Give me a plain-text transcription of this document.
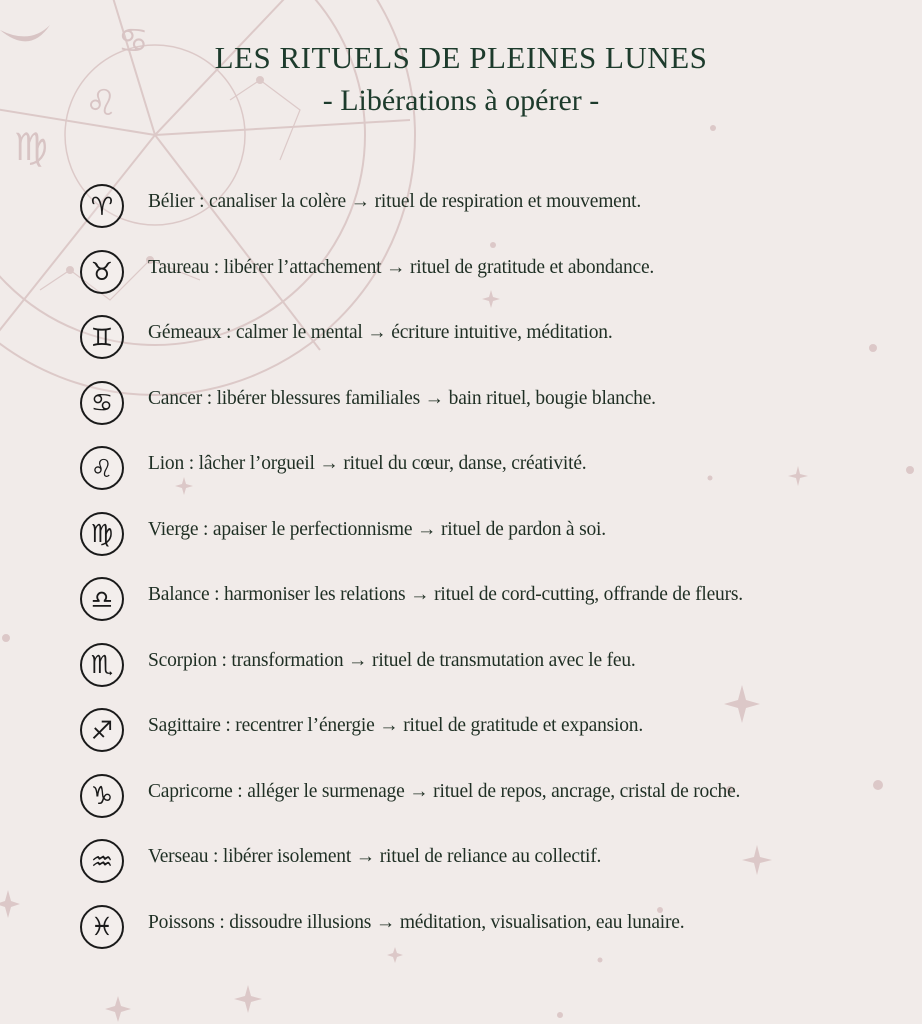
♋
♌
♍
LES RITUELS DE PLEINES LUNES
- Libérations à opérer -
♈	Bélier : canaliser la colère → rituel de respiration et mouvement.
♉	Taureau : libérer l’attachement → rituel de gratitude et abondance.
♊	Gémeaux : calmer le mental → écriture intuitive, méditation.
♋	Cancer : libérer blessures familiales → bain rituel, bougie blanche.
♌	Lion : lâcher l’orgueil → rituel du cœur, danse, créativité.
♍	Vierge : apaiser le perfectionnisme → rituel de pardon à soi.
♎	Balance : harmoniser les relations → rituel de cord-cutting, offrande de fleurs.
♏	Scorpion : transformation → rituel de transmutation avec le feu.
♐	Sagittaire : recentrer l’énergie → rituel de gratitude et expansion.
♑	Capricorne : alléger le surmenage → rituel de repos, ancrage, cristal de roche.
♒	Verseau : libérer isolement → rituel de reliance au collectif.
♓	Poissons : dissoudre illusions → méditation, visualisation, eau lunaire.
